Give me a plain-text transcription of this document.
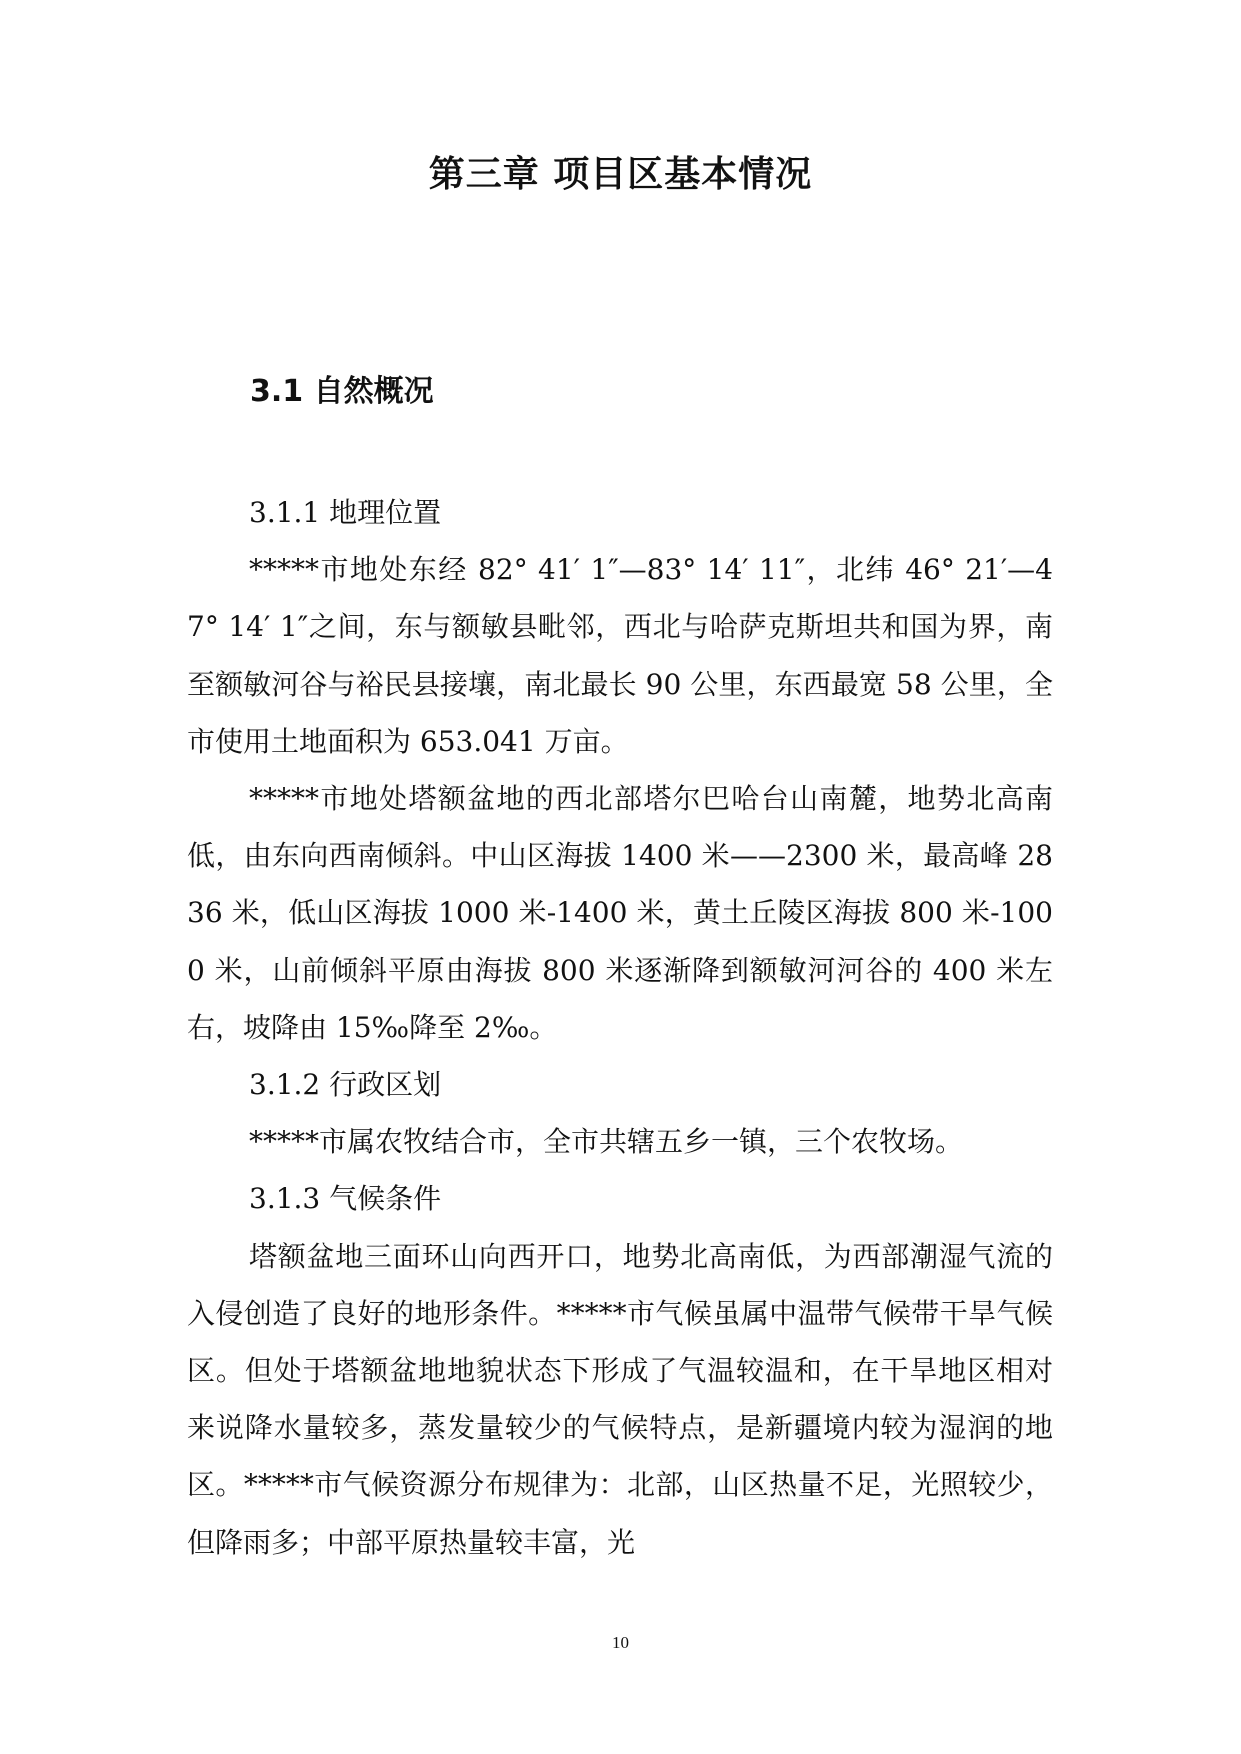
第三章 项目区基本情况
3.1 自然概况

3.1.1 地理位置

*****市地处东经 82° 41′ 1″—83° 14′ 11″，北纬 46° 21′—47° 14′ 1″之间，东与额敏县毗邻，西北与哈萨克斯坦共和国为界，南至额敏河谷与裕民县接壤，南北最长 90 公里，东西最宽 58 公里，全市使用土地面积为 653.041 万亩。

*****市地处塔额盆地的西北部塔尔巴哈台山南麓，地势北高南低，由东向西南倾斜。中山区海拔 1400 米——2300 米，最高峰 2836 米，低山区海拔 1000 米-1400 米，黄土丘陵区海拔 800 米-1000 米，山前倾斜平原由海拔 800 米逐渐降到额敏河河谷的 400 米左右，坡降由 15‰降至 2‰。

3.1.2 行政区划

*****市属农牧结合市，全市共辖五乡一镇，三个农牧场。

3.1.3 气候条件

塔额盆地三面环山向西开口，地势北高南低，为西部潮湿气流的入侵创造了良好的地形条件。*****市气候虽属中温带气候带干旱气候区。但处于塔额盆地地貌状态下形成了气温较温和，在干旱地区相对来说降水量较多，蒸发量较少的气候特点，是新疆境内较为湿润的地区。*****市气候资源分布规律为：北部，山区热量不足，光照较少，但降雨多；中部平原热量较丰富，光

10
